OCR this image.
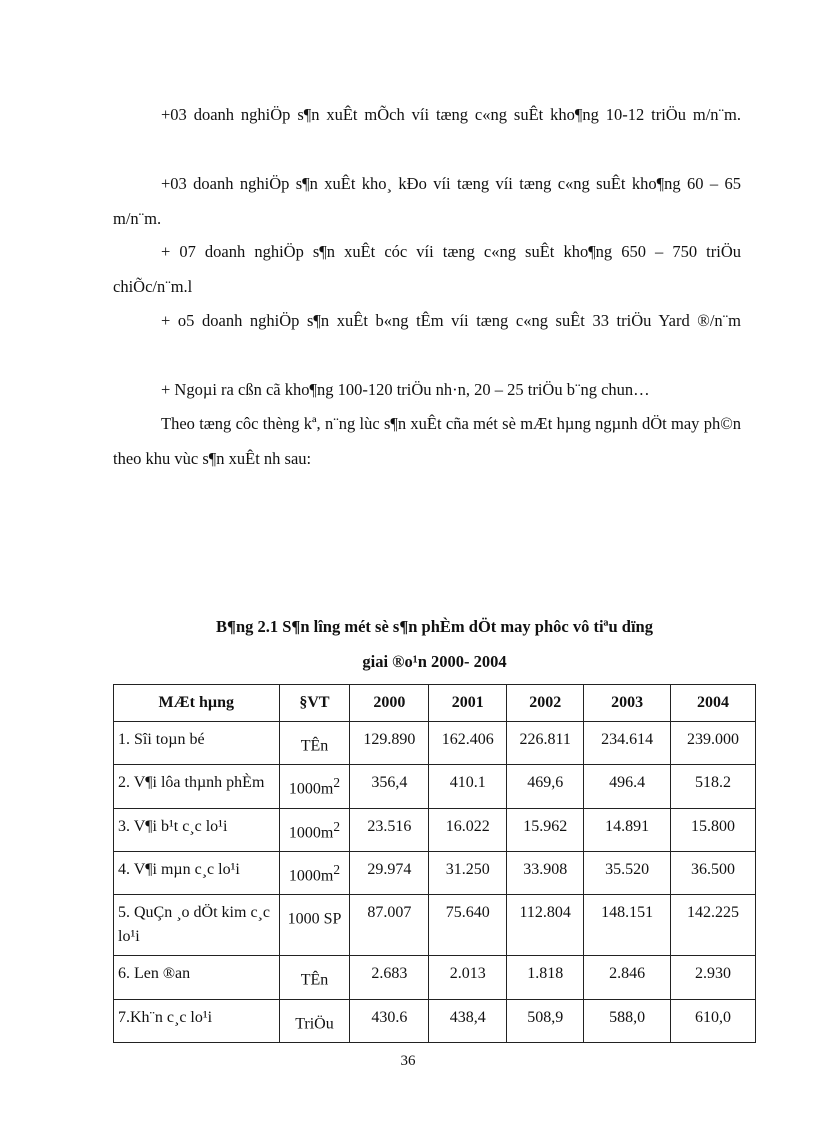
+03 doanh nghiÖp s¶n xuÊt mÕch víi tæng c«ng suÊt kho¶ng 10-12 triÖu m/n¨m.

+03 doanh nghiÖp s¶n xuÊt kho¸ kÐo víi tæng víi tæng c«ng suÊt kho¶ng 60 – 65 m/n¨m.

+ 07 doanh nghiÖp s¶n xuÊt cóc víi tæng c«ng suÊt kho¶ng 650 – 750 triÖu chiÕc/n¨m.l

+ o5 doanh nghiÖp s¶n xuÊt b«ng tÊm víi tæng c«ng suÊt 33 triÖu Yard ®/n¨m

+ Ngoµi ra cßn cã kho¶ng 100-120 triÖu nh·n, 20 – 25 triÖu b¨ng chun…

Theo tæng côc thèng kª, n¨ng lùc s¶n xuÊt cña mét sè mÆt hµng ngµnh dÖt may ph©n theo khu vùc s¶n xuÊt nh sau:

B¶ng 2.1 S¶n lîng mét sè s¶n phÈm dÖt may phôc vô tiªu dïng

giai ®o¹n 2000- 2004

MÆt hµng	§VT	2000	2001	2002	2003	2004
1. Sîi toµn bé	TÊn	129.890	162.406	226.811	234.614	239.000
2. V¶i lôa thµnh phÈm	$1000m^2$	356,4	410.1	469,6	496.4	518.2
3. V¶i b¹t c¸c lo¹i	$1000m^2$	23.516	16.022	15.962	14.891	15.800
4. V¶i mµn c¸c lo¹i	$1000m^2$	29.974	31.250	33.908	35.520	36.500
5. QuÇn ¸o dÖt kim c¸c lo¹i	1000 SP	87.007	75.640	112.804	148.151	142.225
6. Len ®an	TÊn	2.683	2.013	1.818	2.846	2.930
7.Kh¨n c¸c lo¹i	TriÖu	430.6	438,4	508,9	588,0	610,0
36
